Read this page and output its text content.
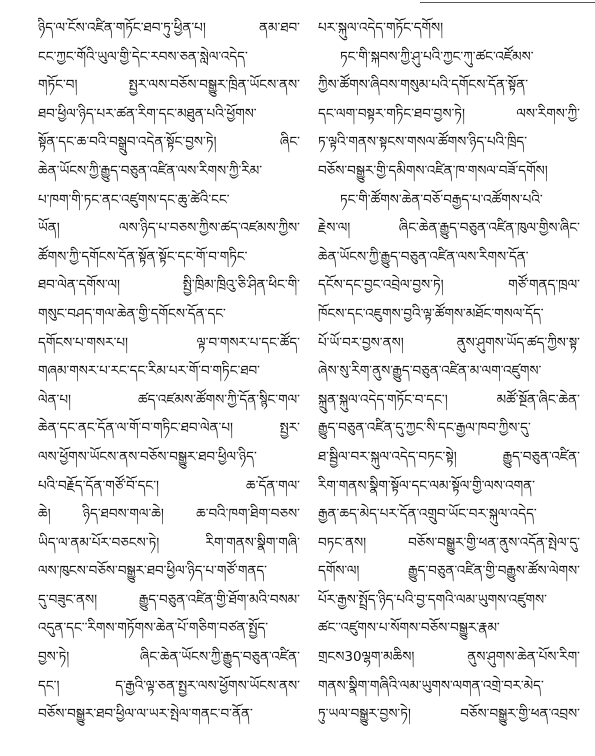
ཉིད་ལ་ངོས་འཛིན་གཏོང་ཐབ་ཏུ་ཕྱིན་པ། ནམ་ཐབ་
ངང་ཀྱང་གོའི་ཡུལ་གྱི་དེང་རབས་ཅན་སླེལ་འདེད་
གཏོང་བ། སྤྱར་ལས་བཅོས་བསྒྱུར་ཁྲིན་ཡོངས་ནས་
ཐབ་ཕྱིལ་ཉིད་པར་ཚན་རིག་དང་མཐུན་པའི་ཕྱོགས་
སྟོན་དང་ཆ་བའི་བསྒྲུབ་འདེན་སྟོང་བྱས་ཏེ། ཞིང་
ཆེན་ཡོངས་ཀྱི་རྒྱུད་བཅུན་འཛིན་ལས་རིགས་ཀྱི་རིམ་
པ་ཁག་གི་ཏང་ནང་འཛུགས་དང་ཆུ་ཚེའི་ངང་
ཡོན། ལས་ཉིད་པ་བཅས་ཀྱིས་ཚད་འཛམས་ཀྱིས་
ཚོགས་ཀྱི་དགོངས་དོན་སྟོན་སྟོང་དང་གོ་བ་གཏིང་
ཐབ་ལེན་དགོས་ལ། སྤྱི་ཁྲིམ་ཁྲིའུ་ཅི་ཤིན་ཕིང་གི་
གསུང་བཤད་གལ་ཆེན་གྱི་དགོངས་དོན་དང་
དགོངས་པ་གསར་པ། ལྟ་བ་གསར་པ་དང་ཚོད་
གཞམ་གསར་པ་རང་དང་རིམ་པར་གོ་བ་གཏིང་ཐབ་
ལེན་པ། ཚད་འཛམས་ཚོགས་ཀྱི་དོན་སྙིང་གལ་
ཆེན་དང་ནང་དོན་ལ་གོ་བ་གཏིང་ཐབ་ལེན་པ། སྤྱར་
ལས་ཕྱོགས་ཡོངས་ནས་བཅོས་བསྒྱུར་ཐབ་ཕྱིལ་ཉིད་
པའི་བརྗོད་དོན་གཙོ་བོ་དང་། ཆ་དོན་གལ་
ཆེ། ཉིད་ཐབས་གལ་ཆེ། ཆ་བའི་ཁག་ཐིག་བཅས་
ཡིད་ལ་ནམ་པོར་བཅངས་ཏེ། རིག་གནས་སྣིག་གཞི་
ལས་ཁུངས་བཅོས་བསྒྱུར་ཐབ་ཕྱིལ་ཉིད་པ་གཙོ་གནད་
དུ་བཟུང་ནས། རྒྱུད་བཅུན་འཛིན་གྱི་ཐོག་མའི་བསམ་
འདུན་དང་་རིགས་གཏོགས་ཆེན་པོ་གཅིག་བཙན་སྤྱོད་
བྱས་ཏེ། ཞིང་ཆེན་ཡོངས་ཀྱི་རྒྱུད་བཅུན་འཛིན་
དང་། ད་རྒྱའི་ལྟ་ཅན་སྤྱར་ལས་ཕྱོགས་ཡོངས་ནས་
བཅོས་བསྒྱུར་ཐབ་ཕྱིལ་ལ་ཡར་སྤེལ་གནང་བ་ནོན་
པར་སྐུལ་འདེད་གཏོང་དགོས།
ཏང་གི་སྐབས་ཀྱི་ཤུ་པའི་ཀྱང་ཀུ་ཚང་འཛོམས་
ཀྱིས་ཚོགས་ཞིབས་གསུམ་པའི་དགོངས་དོན་སྟོན་
དང་ལག་བསྟར་གཏིང་ཐབ་བྱས་ཏེ། ལས་རིགས་ཀྱི་
ཏ་ལྟའི་གནས་སྟངས་གསལ་ཚོགས་ཉིད་པའི་ཁྲིད་
བཅོས་བསྒྱུར་གྱི་དམིགས་འཛིན་ཁ་གསལ་བཟོ་དགོས།
ཏང་གི་ཚོགས་ཆེན་བཅོ་བརྒྱད་པ་འཚོགས་པའི་
རྗེས་ལ། ཞིང་ཆེན་རྒྱུད་བཅུན་འཛིན་ཁུལ་གྱིས་ཞིང་
ཆེན་ཡོངས་ཀྱི་རྒྱུད་བཅུན་འཛིན་ལས་རིགས་དོན་
དངོས་དང་བྱང་འབྲེལ་བྱས་ཏེ། གཙོ་གནད་ཁྲལ་
ཁོངས་དང་འཇུགས་བྱའི་ལྟ་ཚོགས་མཐོང་གསལ་དོད་
པོ་ཡོ་བར་བྱས་ནས། ནུས་ཤུགས་ཡོད་ཚད་ཀྱིས་སྟ་
ཞེས་སུ་རིག་ནུས་རྒྱུད་བཅུན་འཛིན་མ་ལག་འཛུགས་
སྐྲུན་སྐུལ་འདེད་གཏོང་བ་དང་། མཚོ་སྔོན་ཞིང་ཆེན་
རྒྱུད་བཅུན་འཛིན་དུ་ཀྱང་སི་དང་རྒྱལ་ཁབ་ཀྱིས་དུ་
ཐ་སྦྱིལ་བར་སྐུལ་འདེད་བཏང་སྟེ། རྒྱུད་བཅུན་འཛིན་
རིག་གནས་སྣིག་སྟོལ་དང་ལམ་སྟོལ་གྱི་ལས་འགན་
རྒྱན་ཆད་མེད་པར་དོན་འགྲུབ་ཡོང་བར་སྐུལ་འདེད་
བཏང་ནས། བཅོས་བསྒྱུར་གྱི་ཕན་ནུས་འདོན་སྤེལ་དུ་
དགོས་ལ། རྒྱུད་བཅུན་འཛིན་གྱི་བརྒྱུས་ཚོས་ལེགས་
པོར་རྒྱས་སྤྲོད་ཉིད་པའི་བྱ་དགའི་ལམ་ཡུགས་འཛུགས་
ཚང་་འཛུགས་པ་སོགས་བཅོས་བསྒྱུར་རྣམ་
གྲངས30ལྷག་མཆིས། ནུས་ཤུགས་ཆེན་པོས་རིག་
གནས་སྣིག་གཞིའི་ལམ་ཡུགས་ལགན་འགྲེ་བར་མེད་
ཏུ་ཡལ་བསྒྱུར་བྱས་ཏེ། བཅོས་བསྒྱུར་གྱི་ཕན་འབྲས་
